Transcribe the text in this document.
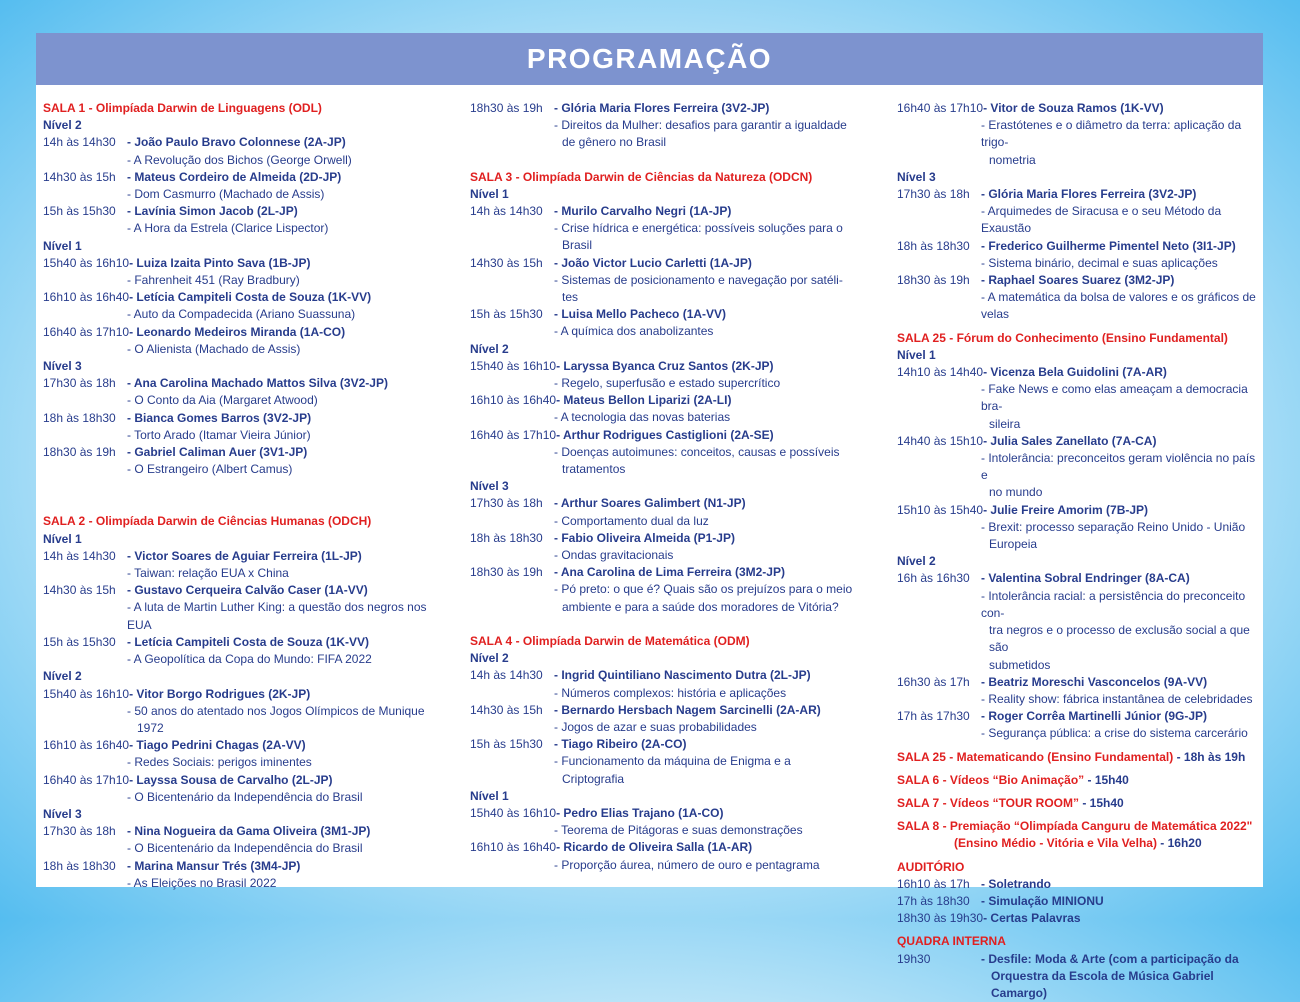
PROGRAMAÇÃO
SALA 1 - Olimpíada Darwin de Linguagens (ODL)
Nível 2
14h às 14h30 - João Paulo Bravo Colonnese (2A-JP)
- A Revolução dos Bichos (George Orwell)
14h30 às 15h - Mateus Cordeiro de Almeida (2D-JP)
- Dom Casmurro (Machado de Assis)
15h às 15h30 - Lavínia Simon Jacob (2L-JP)
- A Hora da Estrela (Clarice Lispector)
Nível 1
15h40 às 16h10 - Luiza Izaita Pinto Sava (1B-JP)
- Fahrenheit 451 (Ray Bradbury)
16h10 às 16h40 - Letícia Campiteli Costa de Souza (1K-VV)
- Auto da Compadecida (Ariano Suassuna)
16h40 às 17h10 - Leonardo Medeiros Miranda (1A-CO)
- O Alienista (Machado de Assis)
Nível 3
17h30 às 18h - Ana Carolina Machado Mattos Silva (3V2-JP)
- O Conto da Aia (Margaret Atwood)
18h às 18h30 - Bianca Gomes Barros (3V2-JP)
- Torto Arado (Itamar Vieira Júnior)
18h30 às 19h - Gabriel Caliman Auer (3V1-JP)
- O Estrangeiro (Albert Camus)
SALA 2 - Olimpíada Darwin de Ciências Humanas (ODCH)
Nível 1
14h às 14h30 - Victor Soares de Aguiar Ferreira (1L-JP)
- Taiwan: relação EUA x China
14h30 às 15h - Gustavo Cerqueira Calvão Caser (1A-VV)
- A luta de Martin Luther King: a questão dos negros nos EUA
15h às 15h30 - Letícia Campiteli Costa de Souza (1K-VV)
- A Geopolítica da Copa do Mundo: FIFA 2022
Nível 2
15h40 às 16h10 - Vitor Borgo Rodrigues (2K-JP)
- 50 anos do atentado nos Jogos Olímpicos de Munique
1972
16h10 às 16h40 - Tiago Pedrini Chagas (2A-VV)
- Redes Sociais: perigos iminentes
16h40 às 17h10 - Layssa Sousa de Carvalho (2L-JP)
- O Bicentenário da Independência do Brasil
Nível 3
17h30 às 18h - Nina Nogueira da Gama Oliveira (3M1-JP)
- O Bicentenário da Independência do Brasil
18h às 18h30 - Marina Mansur Trés (3M4-JP)
- As Eleições no Brasil 2022
18h30 às 19h - Glória Maria Flores Ferreira (3V2-JP)
- Direitos da Mulher: desafios para garantir a igualdade
de gênero no Brasil
SALA 3 - Olimpíada Darwin de Ciências da Natureza (ODCN)
Nível 1
14h às 14h30 - Murilo Carvalho Negri (1A-JP)
- Crise hídrica e energética: possíveis soluções para o
Brasil
14h30 às 15h - João Victor Lucio Carletti (1A-JP)
- Sistemas de posicionamento e navegação por satéli-
tes
15h às 15h30 - Luisa Mello Pacheco (1A-VV)
- A química dos anabolizantes
Nível 2
15h40 às 16h10 - Laryssa Byanca Cruz Santos (2K-JP)
- Regelo, superfusão e estado supercrítico
16h10 às 16h40 - Mateus Bellon Liparizi (2A-LI)
- A tecnologia das novas baterias
16h40 às 17h10 - Arthur Rodrigues Castiglioni (2A-SE)
- Doenças autoimunes: conceitos, causas e possíveis
tratamentos
Nível 3
17h30 às 18h - Arthur Soares Galimbert (N1-JP)
- Comportamento dual da luz
18h às 18h30 - Fabio Oliveira Almeida (P1-JP)
- Ondas gravitacionais
18h30 às 19h - Ana Carolina de Lima Ferreira (3M2-JP)
- Pó preto: o que é? Quais são os prejuízos para o meio
ambiente e para a saúde dos moradores de Vitória?
SALA 4 - Olimpíada Darwin de Matemática (ODM)
Nível 2
14h às 14h30 - Ingrid Quintiliano Nascimento Dutra (2L-JP)
- Números complexos: história e aplicações
14h30 às 15h - Bernardo Hersbach Nagem Sarcinelli (2A-AR)
- Jogos de azar e suas probabilidades
15h às 15h30 - Tiago Ribeiro (2A-CO)
- Funcionamento da máquina de Enigma e a
Criptografia
Nível 1
15h40 às 16h10 - Pedro Elias Trajano (1A-CO)
- Teorema de Pitágoras e suas demonstrações
16h10 às 16h40 - Ricardo de Oliveira Salla (1A-AR)
- Proporção áurea, número de ouro e pentagrama
16h40 às 17h10 - Vitor de Souza Ramos (1K-VV)
- Erastótenes e o diâmetro da terra: aplicação da trigo-
nometria
Nível 3
17h30 às 18h - Glória Maria Flores Ferreira (3V2-JP)
- Arquimedes de Siracusa e o seu Método da Exaustão
18h às 18h30 - Frederico Guilherme Pimentel Neto (3I1-JP)
- Sistema binário, decimal e suas aplicações
18h30 às 19h - Raphael Soares Suarez (3M2-JP)
- A matemática da bolsa de valores e os gráficos de velas
SALA 25 - Fórum do Conhecimento (Ensino Fundamental)
Nível 1
14h10 às 14h40 - Vicenza Bela Guidolini (7A-AR)
- Fake News e como elas ameaçam a democracia bra-
sileira
14h40 às 15h10 - Julia Sales Zanellato (7A-CA)
- Intolerância: preconceitos geram violência no país e
no mundo
15h10 às 15h40 - Julie Freire Amorim (7B-JP)
- Brexit: processo separação Reino Unido - União
Europeia
Nível 2
16h às 16h30 - Valentina Sobral Endringer (8A-CA)
- Intolerância racial: a persistência do preconceito con-
tra negros e o processo de exclusão social a que são
submetidos
16h30 às 17h - Beatriz Moreschi Vasconcelos (9A-VV)
- Reality show: fábrica instantânea de celebridades
17h às 17h30 - Roger Corrêa Martinelli Júnior (9G-JP)
- Segurança pública: a crise do sistema carcerário
SALA 25 - Matematicando (Ensino Fundamental) - 18h às 19h
SALA 6 - Vídeos “Bio Animação” - 15h40
SALA 7 - Vídeos “TOUR ROOM” - 15h40
SALA 8 - Premiação “Olimpíada Canguru de Matemática 2022"
(Ensino Médio - Vitória e Vila Velha) - 16h20
AUDITÓRIO
16h10 às 17h - Soletrando
17h às 18h30 - Simulação MINIONU
18h30 às 19h30 - Certas Palavras
QUADRA INTERNA
19h30	- Desfile: Moda & Arte (com a participação da
Orquestra da Escola de Música Gabriel Camargo)
